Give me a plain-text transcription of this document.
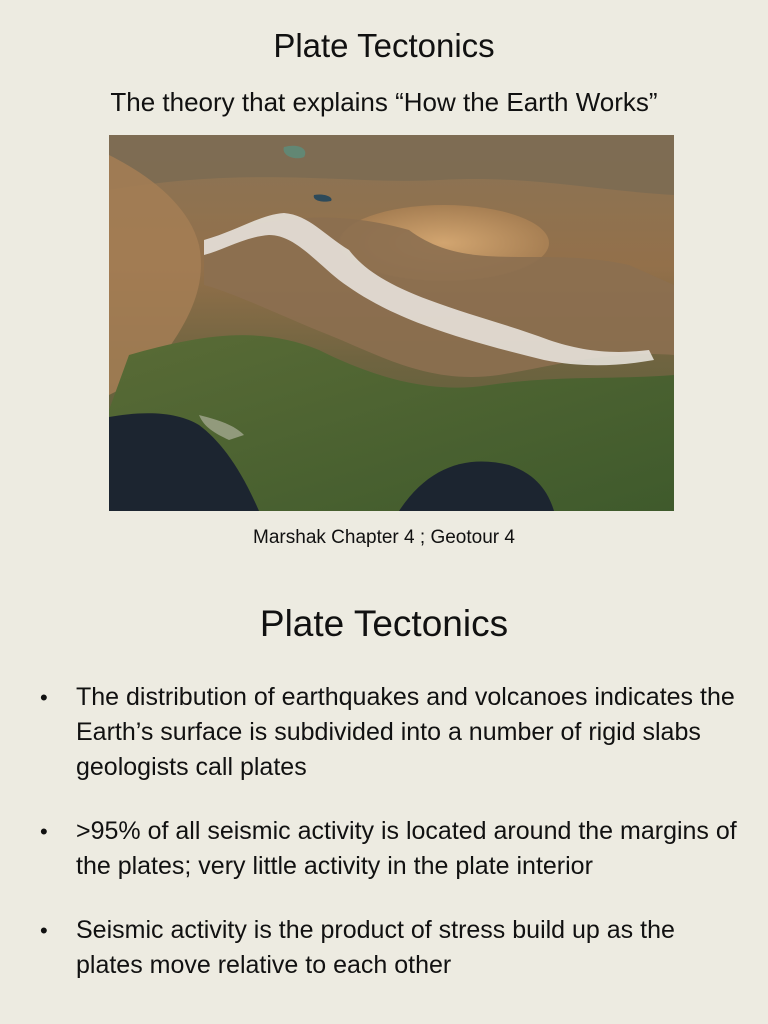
Plate Tectonics
The theory that explains “How the Earth Works”
Marshak Chapter 4 ; Geotour 4
Plate Tectonics
• The distribution of earthquakes and volcanoes indicates the Earth’s surface is subdivided into a number of rigid slabs geologists call plates
• >95% of all seismic activity is located around the margins of the plates; very little activity in the plate interior
• Seismic activity is the product of stress build up as the plates move relative to each other
